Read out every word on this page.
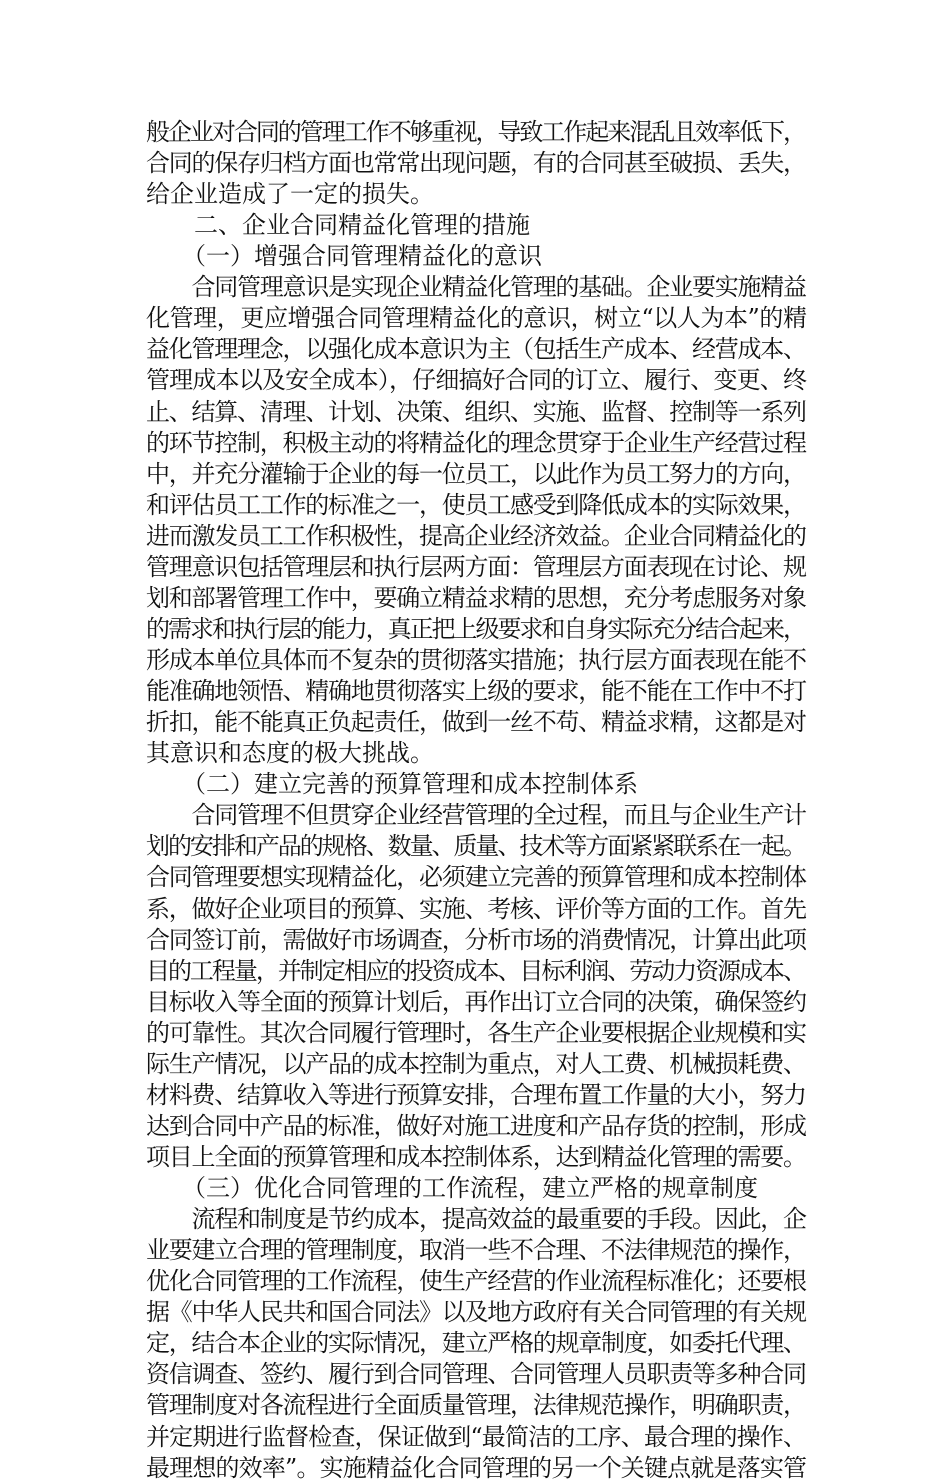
般企业对合同的管理工作不够重视，导致工作起来混乱且效率低下，
合同的保存归档方面也常常出现问题，有的合同甚至破损、丢失，
给企业造成了一定的损失。
　　二、企业合同精益化管理的措施
　　（一）增强合同管理精益化的意识
　　合同管理意识是实现企业精益化管理的基础。企业要实施精益
化管理，更应增强合同管理精益化的意识，树立“以人为本”的精
益化管理理念，以强化成本意识为主（包括生产成本、经营成本、
管理成本以及安全成本），仔细搞好合同的订立、履行、变更、终
止、结算、清理、计划、决策、组织、实施、监督、控制等一系列
的环节控制，积极主动的将精益化的理念贯穿于企业生产经营过程
中，并充分灌输于企业的每一位员工，以此作为员工努力的方向，
和评估员工工作的标准之一，使员工感受到降低成本的实际效果，
进而激发员工工作积极性，提高企业经济效益。企业合同精益化的
管理意识包括管理层和执行层两方面：管理层方面表现在讨论、规
划和部署管理工作中，要确立精益求精的思想，充分考虑服务对象
的需求和执行层的能力，真正把上级要求和自身实际充分结合起来，
形成本单位具体而不复杂的贯彻落实措施；执行层方面表现在能不
能准确地领悟、精确地贯彻落实上级的要求，能不能在工作中不打
折扣，能不能真正负起责任，做到一丝不苟、精益求精，这都是对
其意识和态度的极大挑战。
　　（二）建立完善的预算管理和成本控制体系
　　合同管理不但贯穿企业经营管理的全过程，而且与企业生产计
划的安排和产品的规格、数量、质量、技术等方面紧紧联系在一起。
合同管理要想实现精益化，必须建立完善的预算管理和成本控制体
系，做好企业项目的预算、实施、考核、评价等方面的工作。首先
合同签订前，需做好市场调查，分析市场的消费情况，计算出此项
目的工程量，并制定相应的投资成本、目标利润、劳动力资源成本、
目标收入等全面的预算计划后，再作出订立合同的决策，确保签约
的可靠性。其次合同履行管理时，各生产企业要根据企业规模和实
际生产情况，以产品的成本控制为重点，对人工费、机械损耗费、
材料费、结算收入等进行预算安排，合理布置工作量的大小，努力
达到合同中产品的标准，做好对施工进度和产品存货的控制，形成
项目上全面的预算管理和成本控制体系，达到精益化管理的需要。
　　（三）优化合同管理的工作流程，建立严格的规章制度
　　流程和制度是节约成本，提高效益的最重要的手段。因此，企
业要建立合理的管理制度，取消一些不合理、不法律规范的操作，
优化合同管理的工作流程，使生产经营的作业流程标准化；还要根
据《中华人民共和国合同法》以及地方政府有关合同管理的有关规
定，结合本企业的实际情况，建立严格的规章制度，如委托代理、
资信调查、签约、履行到合同管理、合同管理人员职责等多种合同
管理制度对各流程进行全面质量管理，法律规范操作，明确职责，
并定期进行监督检查，保证做到“最简洁的工序、最合理的操作、
最理想的效率”。实施精益化合同管理的另一个关键点就是落实管
